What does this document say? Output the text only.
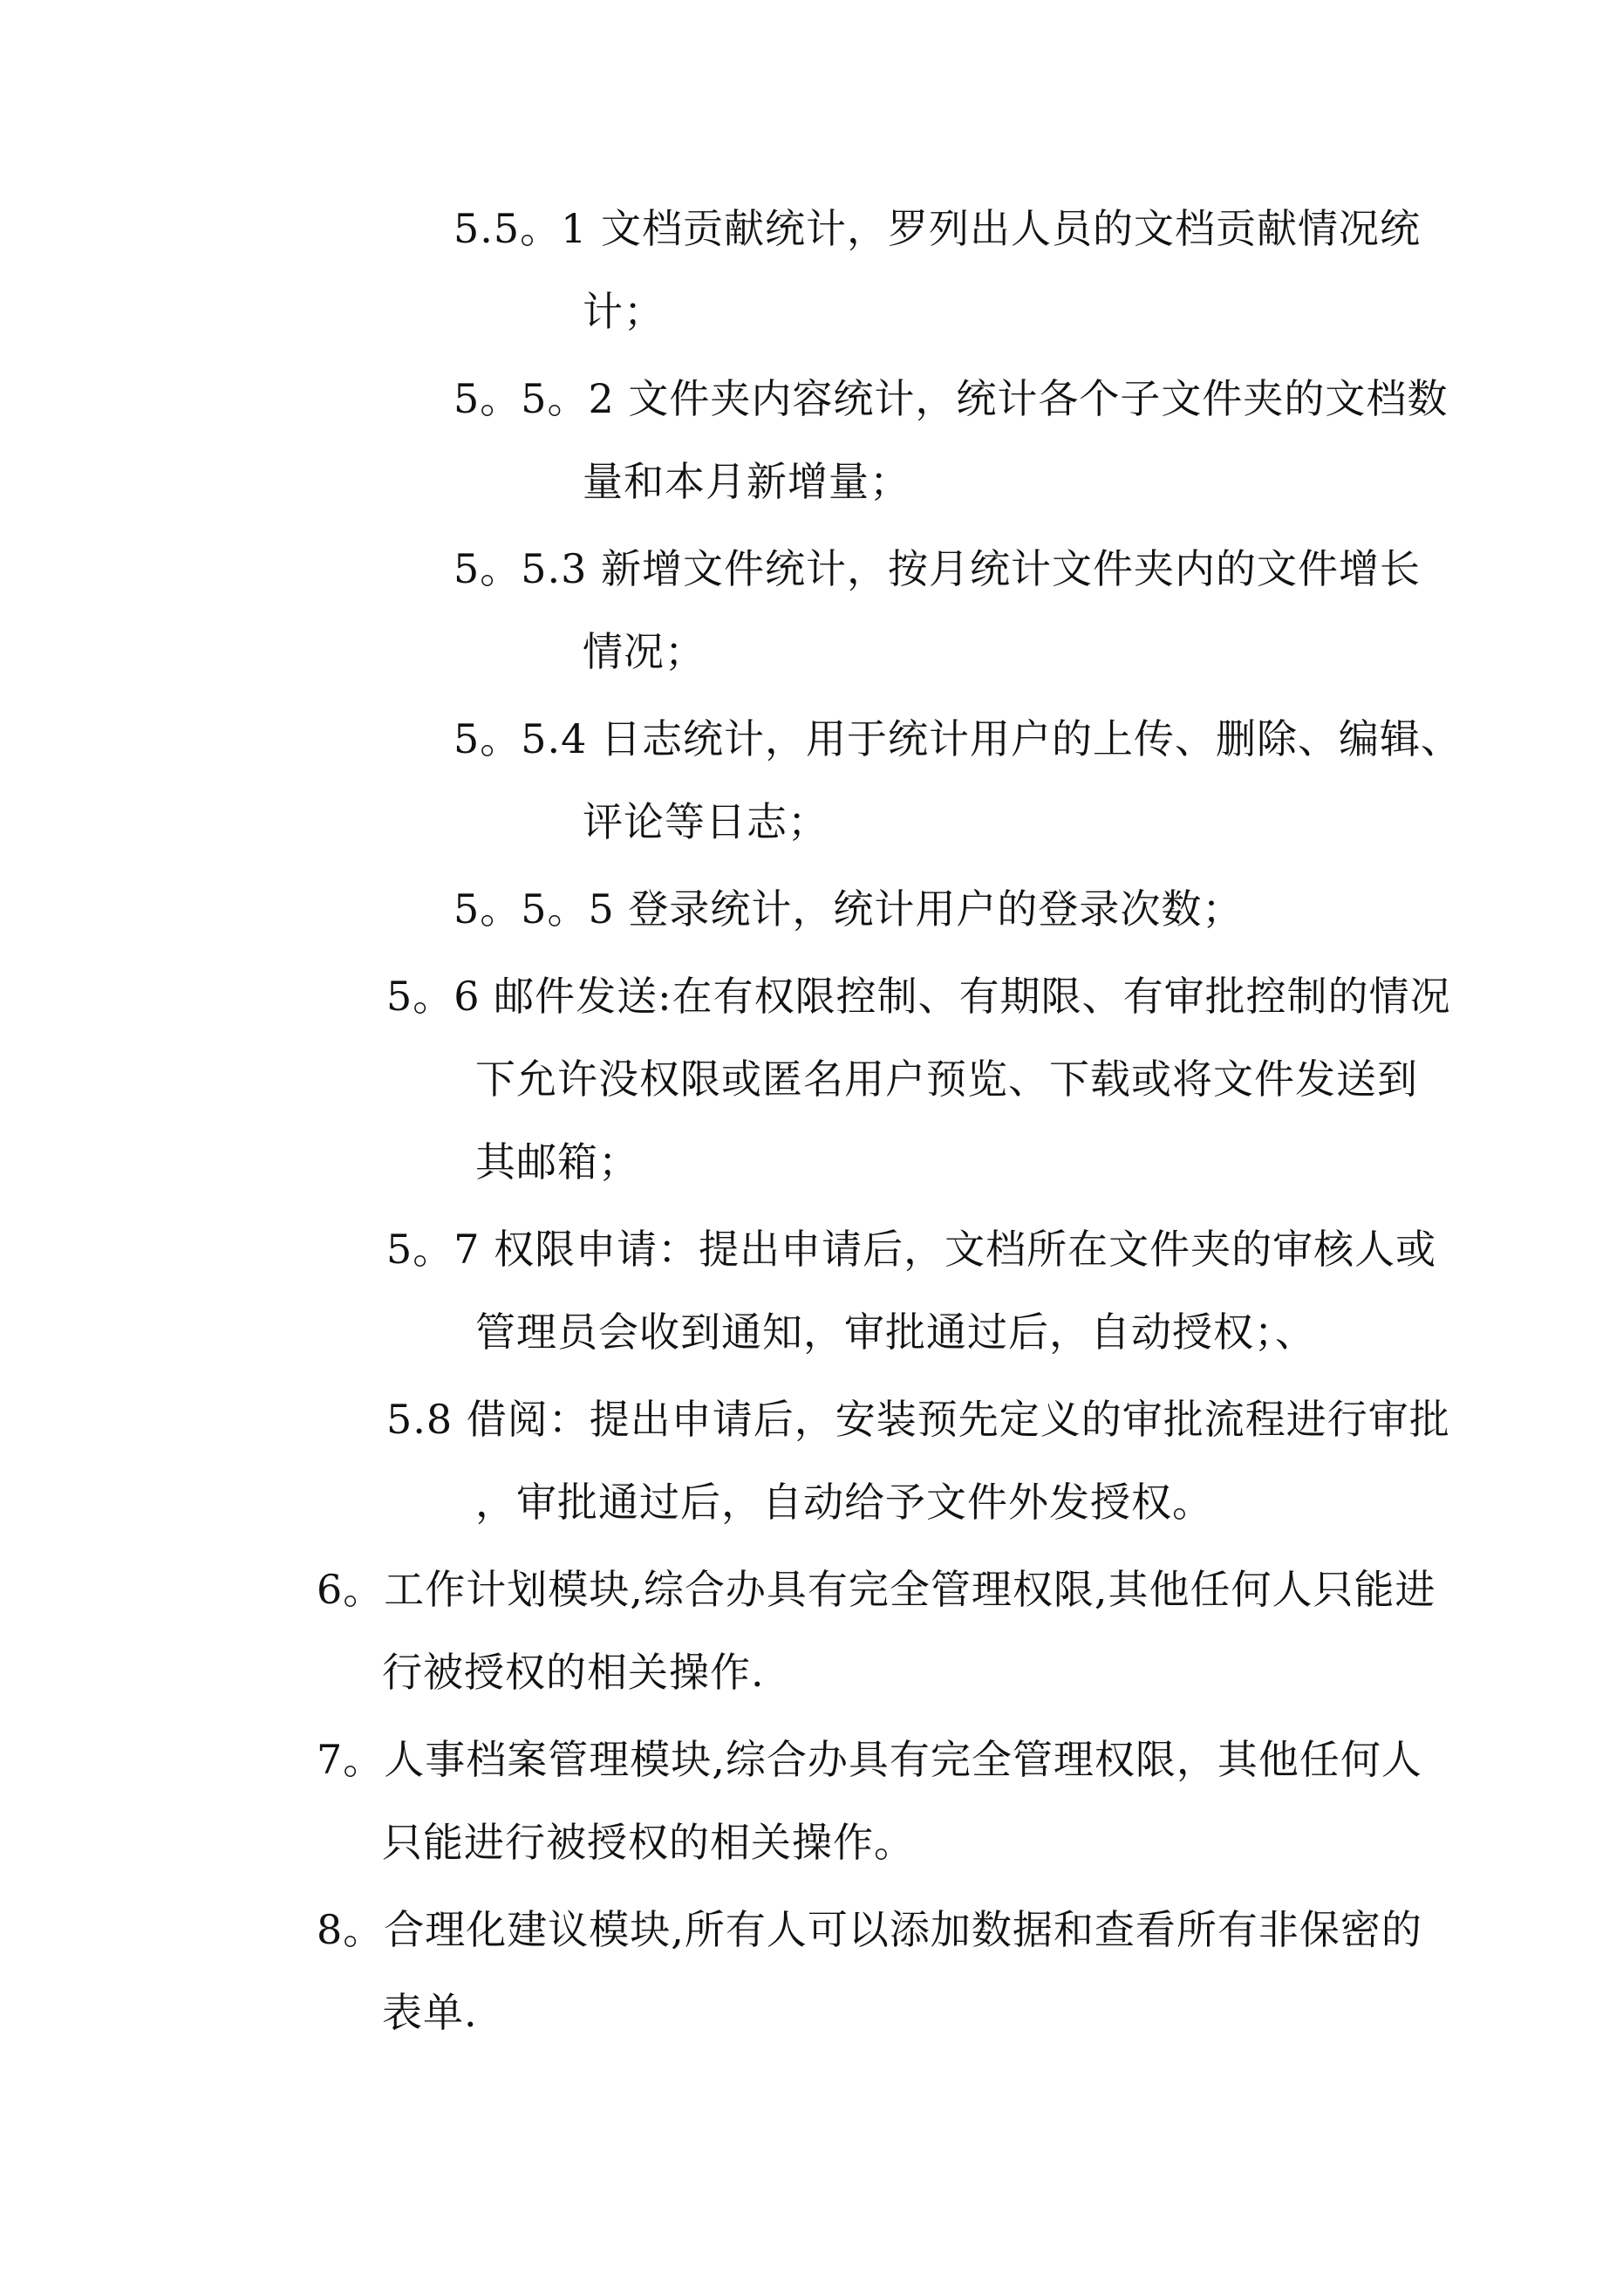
5.5。1 文档贡献统计，罗列出人员的文档贡献情况统
计；
5。5。2 文件夹内容统计，统计各个子文件夹的文档数
量和本月新增量；
5。5.3 新增文件统计，按月统计文件夹内的文件增长
情况；
5。5.4 日志统计，用于统计用户的上传、删除、编辑、
评论等日志；
5。5。5 登录统计，统计用户的登录次数；
5。6 邮件发送:在有权限控制、有期限、有审批控制的情况
下允许没权限或匿名用户预览、下载或将文件发送到
其邮箱；
5。7 权限申请：提出申请后，文档所在文件夹的审核人或
管理员会收到通知，审批通过后，自动授权；、
5.8 借阅：提出申请后，安装预先定义的审批流程进行审批
，审批通过后，自动给予文件外发授权。
6。工作计划模块,综合办具有完全管理权限,其他任何人只能进
行被授权的相关操作.
7。人事档案管理模块,综合办具有完全管理权限，其他任何人
只能进行被授权的相关操作。
8。合理化建议模块,所有人可以添加数据和查看所有非保密的
表单.
